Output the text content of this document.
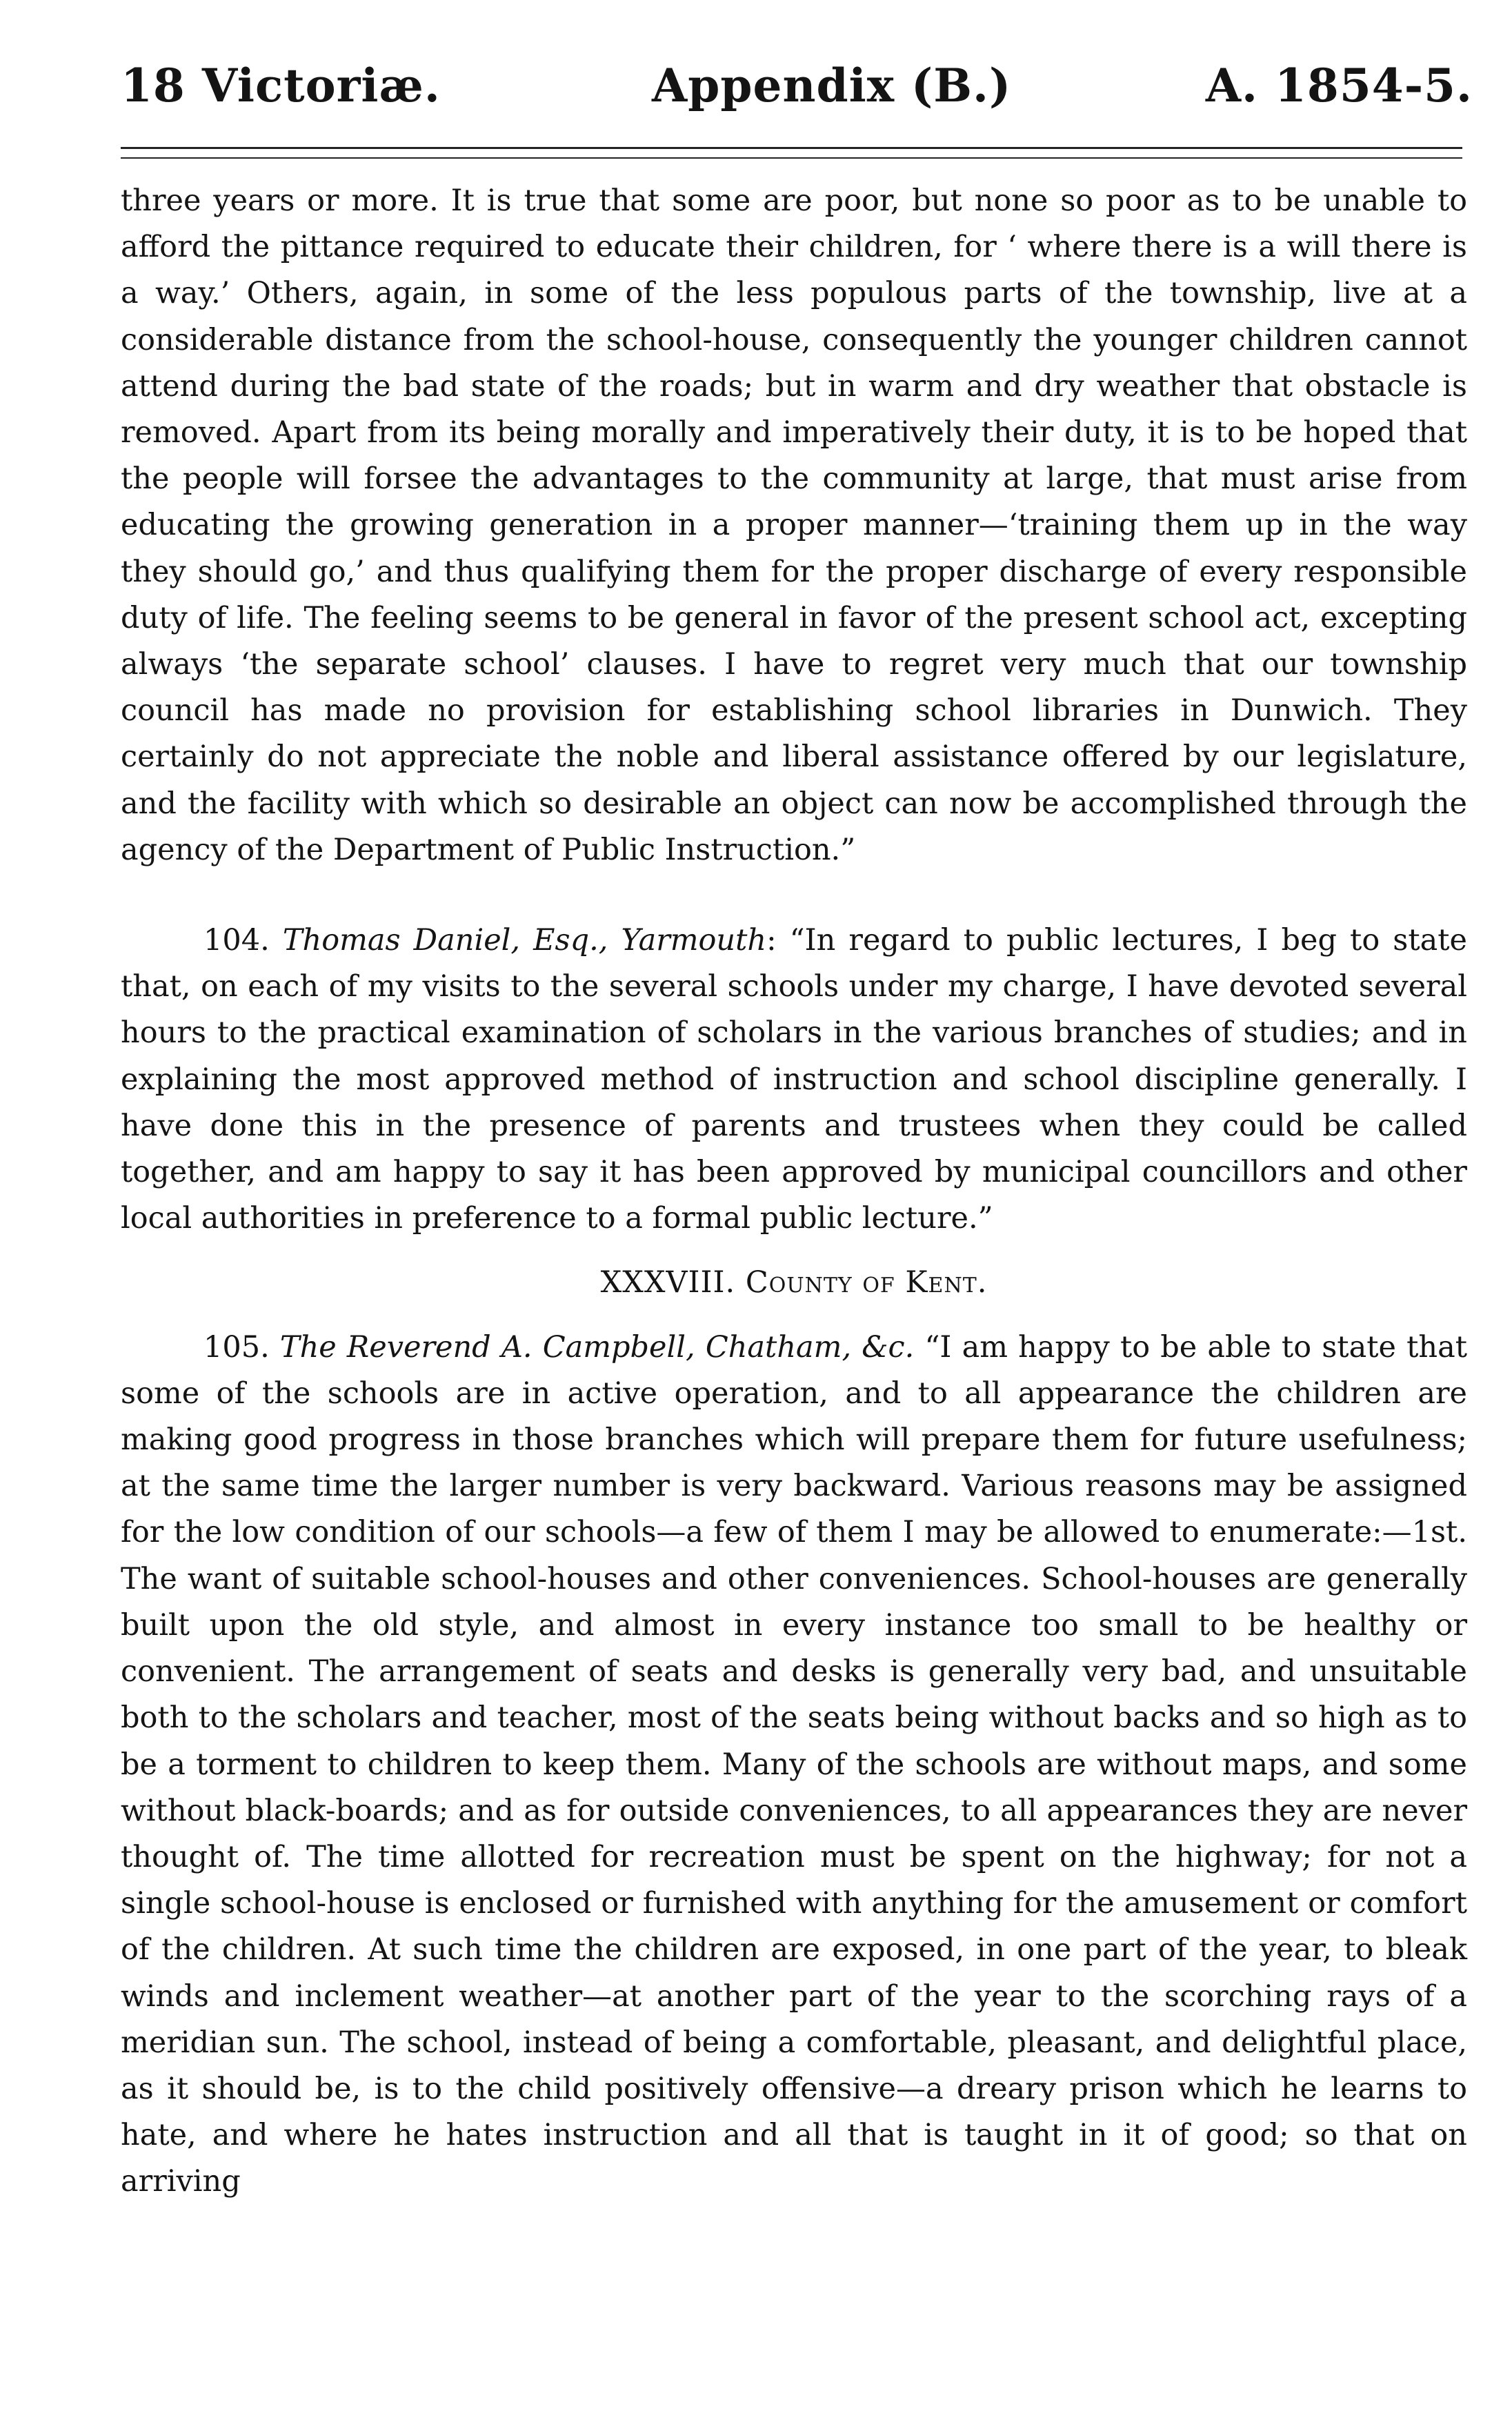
18 Victoriæ.	Appendix (B.)	A. 1854-5.

three years or more. It is true that some are poor, but none so poor as to be unable to afford the pittance required to educate their children, for ‘ where there is a will there is a way.’ Others, again, in some of the less populous parts of the township, live at a considerable distance from the school-house, consequently the younger children cannot attend during the bad state of the roads; but in warm and dry weather that obstacle is removed. Apart from its being morally and imperatively their duty, it is to be hoped that the people will forsee the advantages to the community at large, that must arise from educating the growing generation in a proper manner—‘training them up in the way they should go,’ and thus qualifying them for the proper discharge of every responsible duty of life. The feeling seems to be general in favor of the present school act, excepting always ‘the separate school’ clauses. I have to regret very much that our township council has made no provision for establishing school libraries in Dunwich. They certainly do not appreciate the noble and liberal assistance offered by our legislature, and the facility with which so desirable an object can now be accomplished through the agency of the Department of Public Instruction.”

104. Thomas Daniel, Esq., Yarmouth: “In regard to public lectures, I beg to state that, on each of my visits to the several schools under my charge, I have devoted several hours to the practical examination of scholars in the various branches of studies; and in explaining the most approved method of instruction and school discipline generally. I have done this in the presence of parents and trustees when they could be called together, and am happy to say it has been approved by municipal councillors and other local authorities in preference to a formal public lecture.”

XXXVIII. County of Kent.

105. The Reverend A. Campbell, Chatham, &c. “I am happy to be able to state that some of the schools are in active operation, and to all appearance the children are making good progress in those branches which will prepare them for future usefulness; at the same time the larger number is very backward. Various reasons may be assigned for the low condition of our schools—a few of them I may be allowed to enumerate:—1st. The want of suitable school-houses and other conveniences. School-houses are generally built upon the old style, and almost in every instance too small to be healthy or convenient. The arrangement of seats and desks is generally very bad, and unsuitable both to the scholars and teacher, most of the seats being without backs and so high as to be a torment to children to keep them. Many of the schools are without maps, and some without black-boards; and as for outside conveniences, to all appearances they are never thought of. The time allotted for recreation must be spent on the highway; for not a single school-house is enclosed or furnished with anything for the amusement or comfort of the children. At such time the children are exposed, in one part of the year, to bleak winds and inclement weather—at another part of the year to the scorching rays of a meridian sun. The school, instead of being a comfortable, pleasant, and delightful place, as it should be, is to the child positively offensive—a dreary prison which he learns to hate, and where he hates instruction and all that is taught in it of good; so that on arriving
